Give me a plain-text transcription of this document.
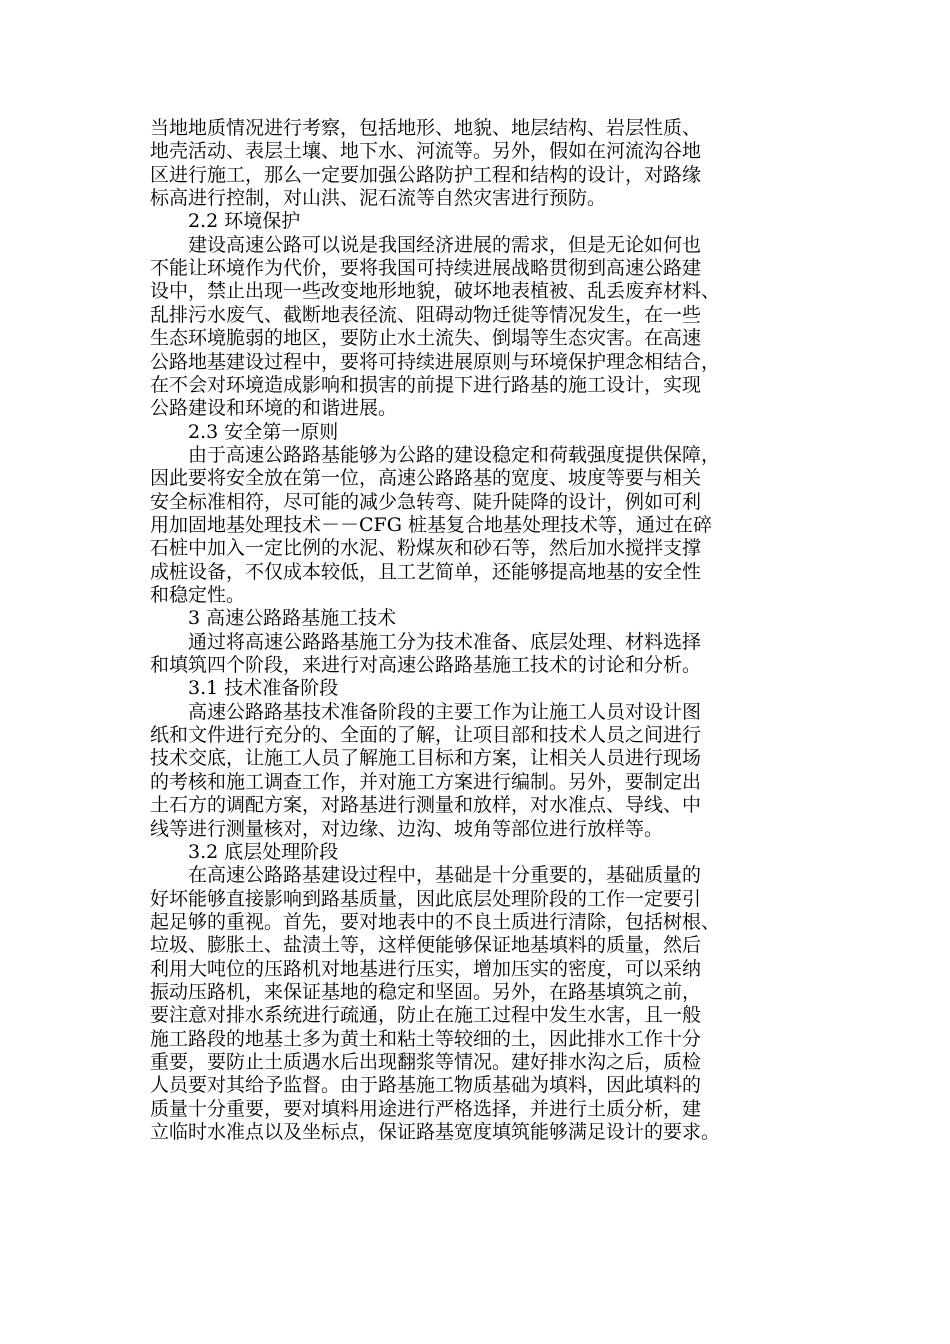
当地地质情况进行考察，包括地形、地貌、地层结构、岩层性质、
地壳活动、表层土壤、地下水、河流等。另外，假如在河流沟谷地
区进行施工，那么一定要加强公路防护工程和结构的设计，对路缘
标高进行控制，对山洪、泥石流等自然灾害进行预防。
2.2 环境保护
建设高速公路可以说是我国经济进展的需求，但是无论如何也
不能让环境作为代价，要将我国可持续进展战略贯彻到高速公路建
设中，禁止出现一些改变地形地貌，破坏地表植被、乱丢废弃材料、
乱排污水废气、截断地表径流、阻碍动物迁徙等情况发生，在一些
生态环境脆弱的地区，要防止水土流失、倒塌等生态灾害。在高速
公路地基建设过程中，要将可持续进展原则与环境保护理念相结合，
在不会对环境造成影响和损害的前提下进行路基的施工设计，实现
公路建设和环境的和谐进展。
2.3 安全第一原则
由于高速公路路基能够为公路的建设稳定和荷载强度提供保障，
因此要将安全放在第一位，高速公路路基的宽度、坡度等要与相关
安全标准相符，尽可能的减少急转弯、陡升陡降的设计，例如可利
用加固地基处理技术－－CFG 桩基复合地基处理技术等，通过在碎
石桩中加入一定比例的水泥、粉煤灰和砂石等，然后加水搅拌支撑
成桩设备，不仅成本较低，且工艺简单，还能够提高地基的安全性
和稳定性。
3 高速公路路基施工技术
通过将高速公路路基施工分为技术准备、底层处理、材料选择
和填筑四个阶段，来进行对高速公路路基施工技术的讨论和分析。
3.1 技术准备阶段
高速公路路基技术准备阶段的主要工作为让施工人员对设计图
纸和文件进行充分的、全面的了解，让项目部和技术人员之间进行
技术交底，让施工人员了解施工目标和方案，让相关人员进行现场
的考核和施工调查工作，并对施工方案进行编制。另外，要制定出
土石方的调配方案，对路基进行测量和放样，对水准点、导线、中
线等进行测量核对，对边缘、边沟、坡角等部位进行放样等。
3.2 底层处理阶段
在高速公路路基建设过程中，基础是十分重要的，基础质量的
好坏能够直接影响到路基质量，因此底层处理阶段的工作一定要引
起足够的重视。首先，要对地表中的不良土质进行清除，包括树根、
垃圾、膨胀土、盐渍土等，这样便能够保证地基填料的质量，然后
利用大吨位的压路机对地基进行压实，增加压实的密度，可以采纳
振动压路机，来保证基地的稳定和坚固。另外，在路基填筑之前，
要注意对排水系统进行疏通，防止在施工过程中发生水害，且一般
施工路段的地基土多为黄土和粘土等较细的土，因此排水工作十分
重要，要防止土质遇水后出现翻浆等情况。建好排水沟之后，质检
人员要对其给予监督。由于路基施工物质基础为填料，因此填料的
质量十分重要，要对填料用途进行严格选择，并进行土质分析，建
立临时水准点以及坐标点，保证路基宽度填筑能够满足设计的要求。
